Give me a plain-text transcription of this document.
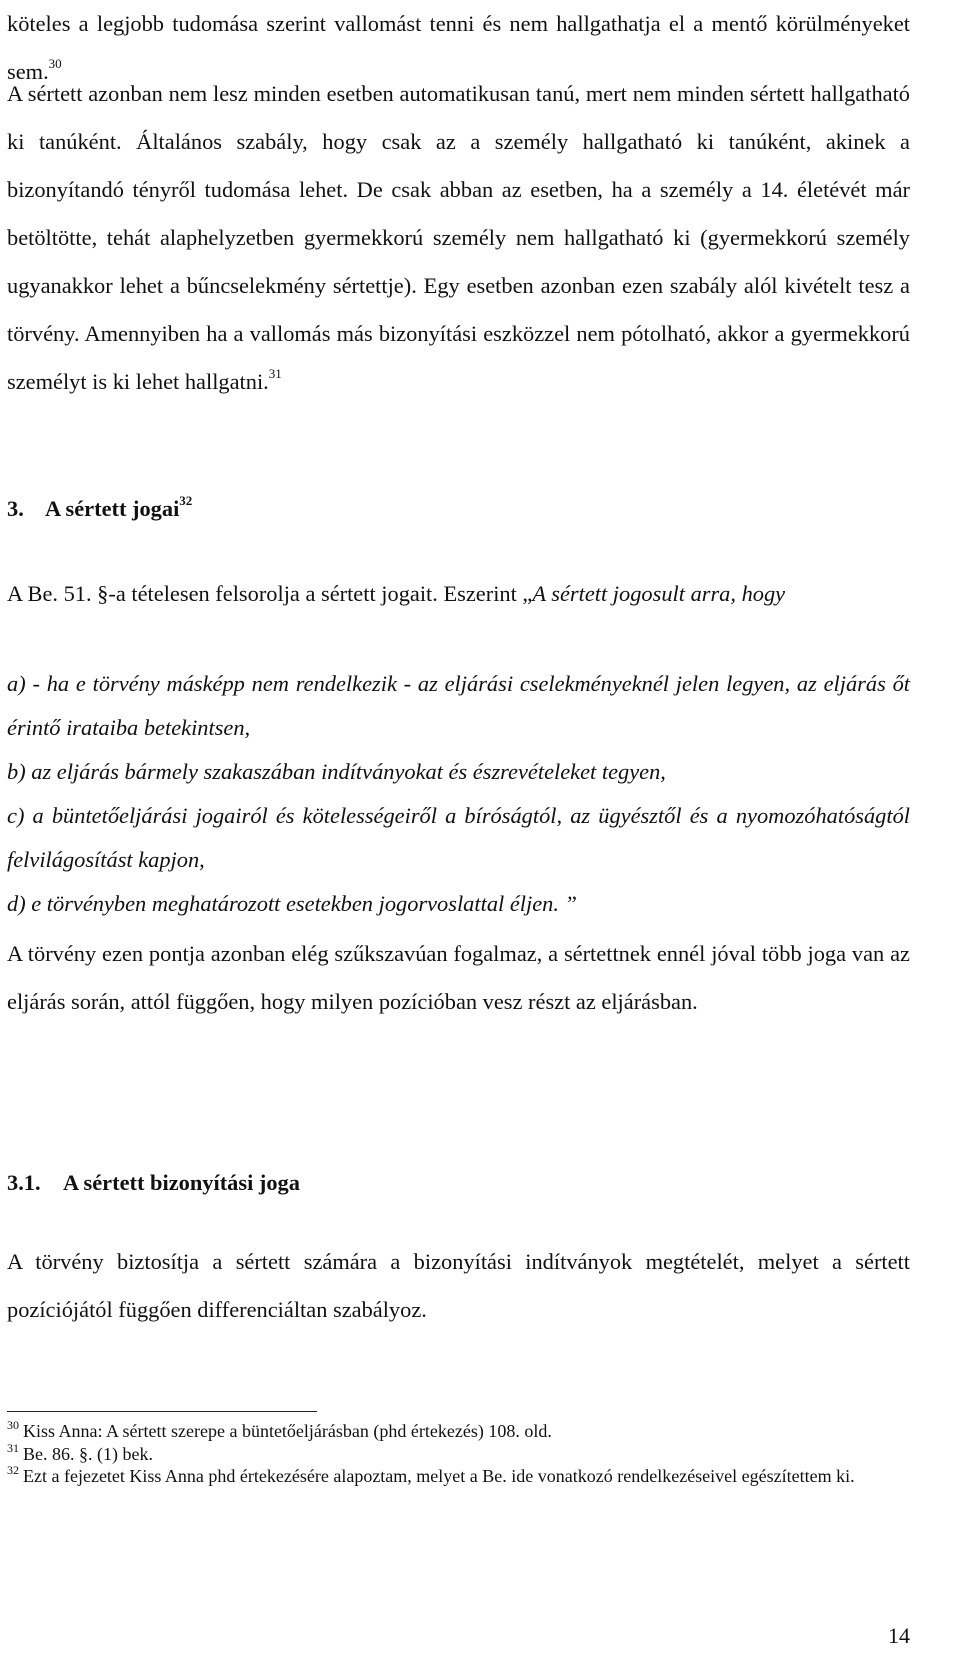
köteles a legjobb tudomása szerint vallomást tenni és nem hallgathatja el a mentő körülményeket sem.$^{30}$

A sértett azonban nem lesz minden esetben automatikusan tanú, mert nem minden sértett hallgatható ki tanúként. Általános szabály, hogy csak az a személy hallgatható ki tanúként, akinek a bizonyítandó tényről tudomása lehet. De csak abban az esetben, ha a személy a 14. életévét már betöltötte, tehát alaphelyzetben gyermekkorú személy nem hallgatható ki (gyermekkorú személy ugyanakkor lehet a bűncselekmény sértettje). Egy esetben azonban ezen szabály alól kivételt tesz a törvény. Amennyiben ha a vallomás más bizonyítási eszközzel nem pótolható, akkor a gyermekkorú személyt is ki lehet hallgatni.$^{31}$

3. A sértett jogai$^{32}$

A Be. 51. §-a tételesen felsorolja a sértett jogait. Eszerint „A sértett jogosult arra, hogy

a) - ha e törvény másképp nem rendelkezik - az eljárási cselekményeknél jelen legyen, az eljárás őt érintő irataiba betekintsen,
b) az eljárás bármely szakaszában indítványokat és észrevételeket tegyen,
c) a büntetőeljárási jogairól és kötelességeiről a bíróságtól, az ügyésztől és a nyomozóhatóságtól felvilágosítást kapjon,
d) e törvényben meghatározott esetekben jogorvoslattal éljen. ”

A törvény ezen pontja azonban elég szűkszavúan fogalmaz, a sértettnek ennél jóval több joga van az eljárás során, attól függően, hogy milyen pozícióban vesz részt az eljárásban.

3.1. A sértett bizonyítási joga

A törvény biztosítja a sértett számára a bizonyítási indítványok megtételét, melyet a sértett pozíciójától függően differenciáltan szabályoz.

$^{30}$ Kiss Anna: A sértett szerepe a büntetőeljárásban (phd értekezés) 108. old.
$^{31}$ Be. 86. §. (1) bek.
$^{32}$ Ezt a fejezetet Kiss Anna phd értekezésére alapoztam, melyet a Be. ide vonatkozó rendelkezéseivel egészítettem ki.
14
